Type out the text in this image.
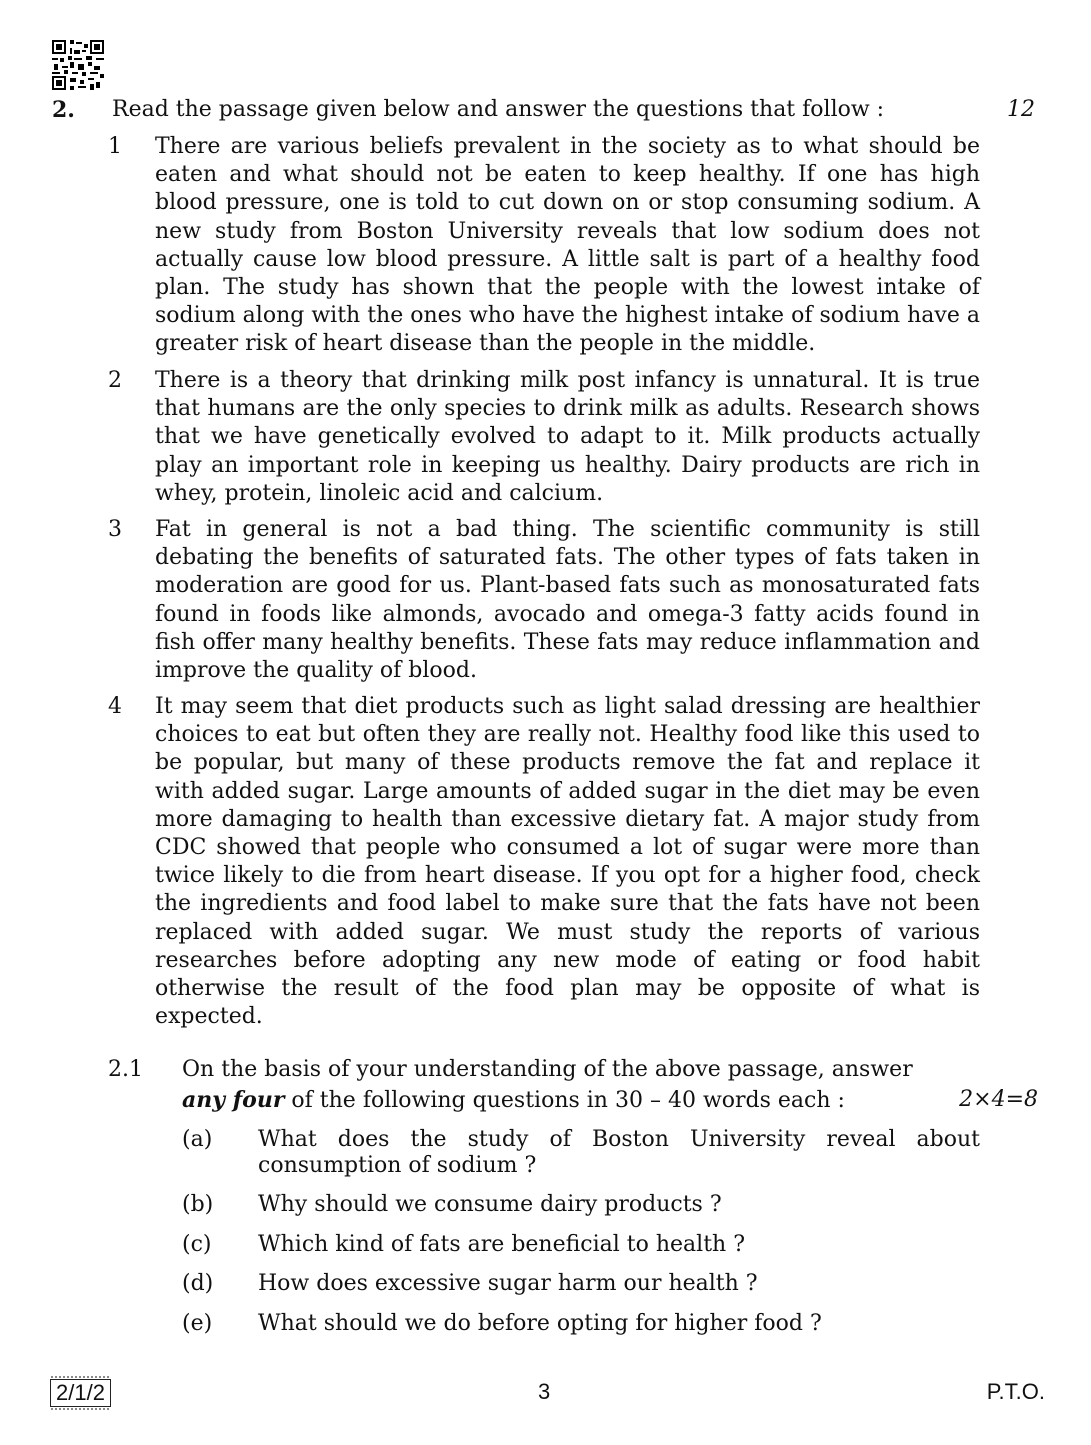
2. Read the passage given below and answer the questions that follow :	12
1 There are various beliefs prevalent in the society as to what should be eaten and what should not be eaten to keep healthy. If one has high blood pressure, one is told to cut down on or stop consuming sodium. A new study from Boston University reveals that low sodium does not actually cause low blood pressure. A little salt is part of a healthy food plan. The study has shown that the people with the lowest intake of sodium along with the ones who have the highest intake of sodium have a greater risk of heart disease than the people in the middle.
2 There is a theory that drinking milk post infancy is unnatural. It is true that humans are the only species to drink milk as adults. Research shows that we have genetically evolved to adapt to it. Milk products actually play an important role in keeping us healthy. Dairy products are rich in whey, protein, linoleic acid and calcium.
3 Fat in general is not a bad thing. The scientific community is still debating the benefits of saturated fats. The other types of fats taken in moderation are good for us. Plant-based fats such as monosaturated fats found in foods like almonds, avocado and omega-3 fatty acids found in fish offer many healthy benefits. These fats may reduce inflammation and improve the quality of blood.
4 It may seem that diet products such as light salad dressing are healthier choices to eat but often they are really not. Healthy food like this used to be popular, but many of these products remove the fat and replace it with added sugar. Large amounts of added sugar in the diet may be even more damaging to health than excessive dietary fat. A major study from CDC showed that people who consumed a lot of sugar were more than twice likely to die from heart disease. If you opt for a higher food, check the ingredients and food label to make sure that the fats have not been replaced with added sugar. We must study the reports of various researches before adopting any new mode of eating or food habit otherwise the result of the food plan may be opposite of what is expected.
2.1 On the basis of your understanding of the above passage, answer
any four of the following questions in 30 – 40 words each :	2×4=8
(a) What does the study of Boston University reveal about consumption of sodium ?
(b) Why should we consume dairy products ?
(c) Which kind of fats are beneficial to health ?
(d) How does excessive sugar harm our health ?
(e) What should we do before opting for higher food ?
2/1/2	3	P.T.O.
